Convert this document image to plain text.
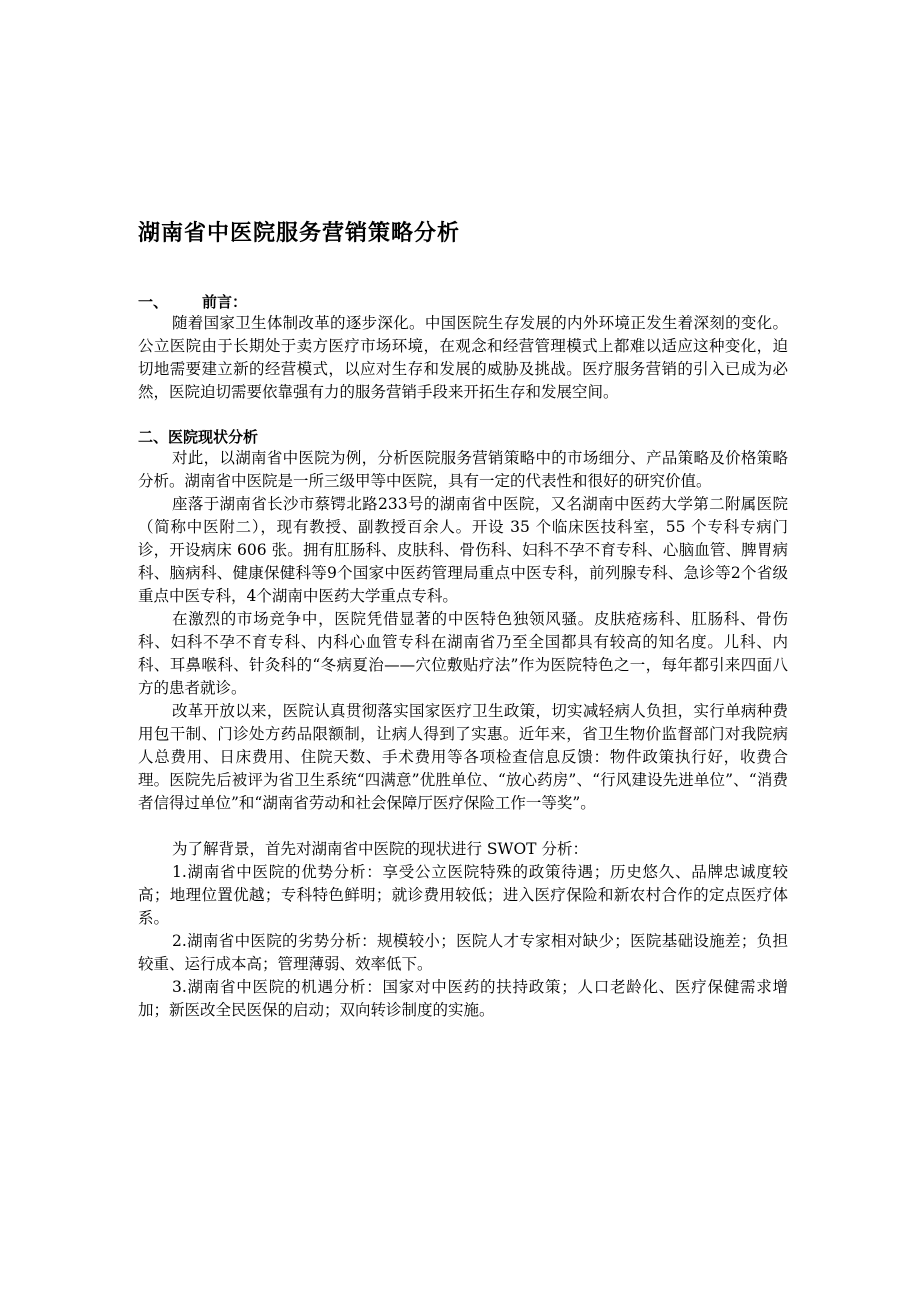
湖南省中医院服务营销策略分析

一、 前言：

随着国家卫生体制改革的逐步深化。中国医院生存发展的内外环境正发生着深刻的变化。公立医院由于长期处于卖方医疗市场环境，在观念和经营管理模式上都难以适应这种变化，迫切地需要建立新的经营模式，以应对生存和发展的威胁及挑战。医疗服务营销的引入已成为必然，医院迫切需要依靠强有力的服务营销手段来开拓生存和发展空间。

二、医院现状分析

对此，以湖南省中医院为例，分析医院服务营销策略中的市场细分、产品策略及价格策略分析。湖南省中医院是一所三级甲等中医院，具有一定的代表性和很好的研究价值。

座落于湖南省长沙市蔡锷北路233号的湖南省中医院，又名湖南中医药大学第二附属医院（简称中医附二），现有教授、副教授百余人。开设 35 个临床医技科室，55 个专科专病门诊，开设病床 606 张。拥有肛肠科、皮肤科、骨伤科、妇科不孕不育专科、心脑血管、脾胃病科、脑病科、健康保健科等9个国家中医药管理局重点中医专科，前列腺专科、急诊等2个省级重点中医专科，4个湖南中医药大学重点专科。

在激烈的市场竞争中，医院凭借显著的中医特色独领风骚。皮肤疮疡科、肛肠科、骨伤科、妇科不孕不育专科、内科心血管专科在湖南省乃至全国都具有较高的知名度。儿科、内科、耳鼻喉科、针灸科的“冬病夏治——穴位敷贴疗法”作为医院特色之一，每年都引来四面八方的患者就诊。

改革开放以来，医院认真贯彻落实国家医疗卫生政策，切实减轻病人负担，实行单病种费用包干制、门诊处方药品限额制，让病人得到了实惠。近年来，省卫生物价监督部门对我院病人总费用、日床费用、住院天数、手术费用等各项检查信息反馈：物件政策执行好，收费合理。医院先后被评为省卫生系统“四满意”优胜单位、“放心药房”、“行风建设先进单位”、“消费者信得过单位”和“湖南省劳动和社会保障厅医疗保险工作一等奖”。

为了解背景，首先对湖南省中医院的现状进行 SWOT 分析：

1.湖南省中医院的优势分析：享受公立医院特殊的政策待遇；历史悠久、品牌忠诚度较高；地理位置优越；专科特色鲜明；就诊费用较低；进入医疗保险和新农村合作的定点医疗体系。

2.湖南省中医院的劣势分析：规模较小；医院人才专家相对缺少；医院基础设施差；负担较重、运行成本高；管理薄弱、效率低下。

3.湖南省中医院的机遇分析：国家对中医药的扶持政策；人口老龄化、医疗保健需求增加；新医改全民医保的启动；双向转诊制度的实施。
